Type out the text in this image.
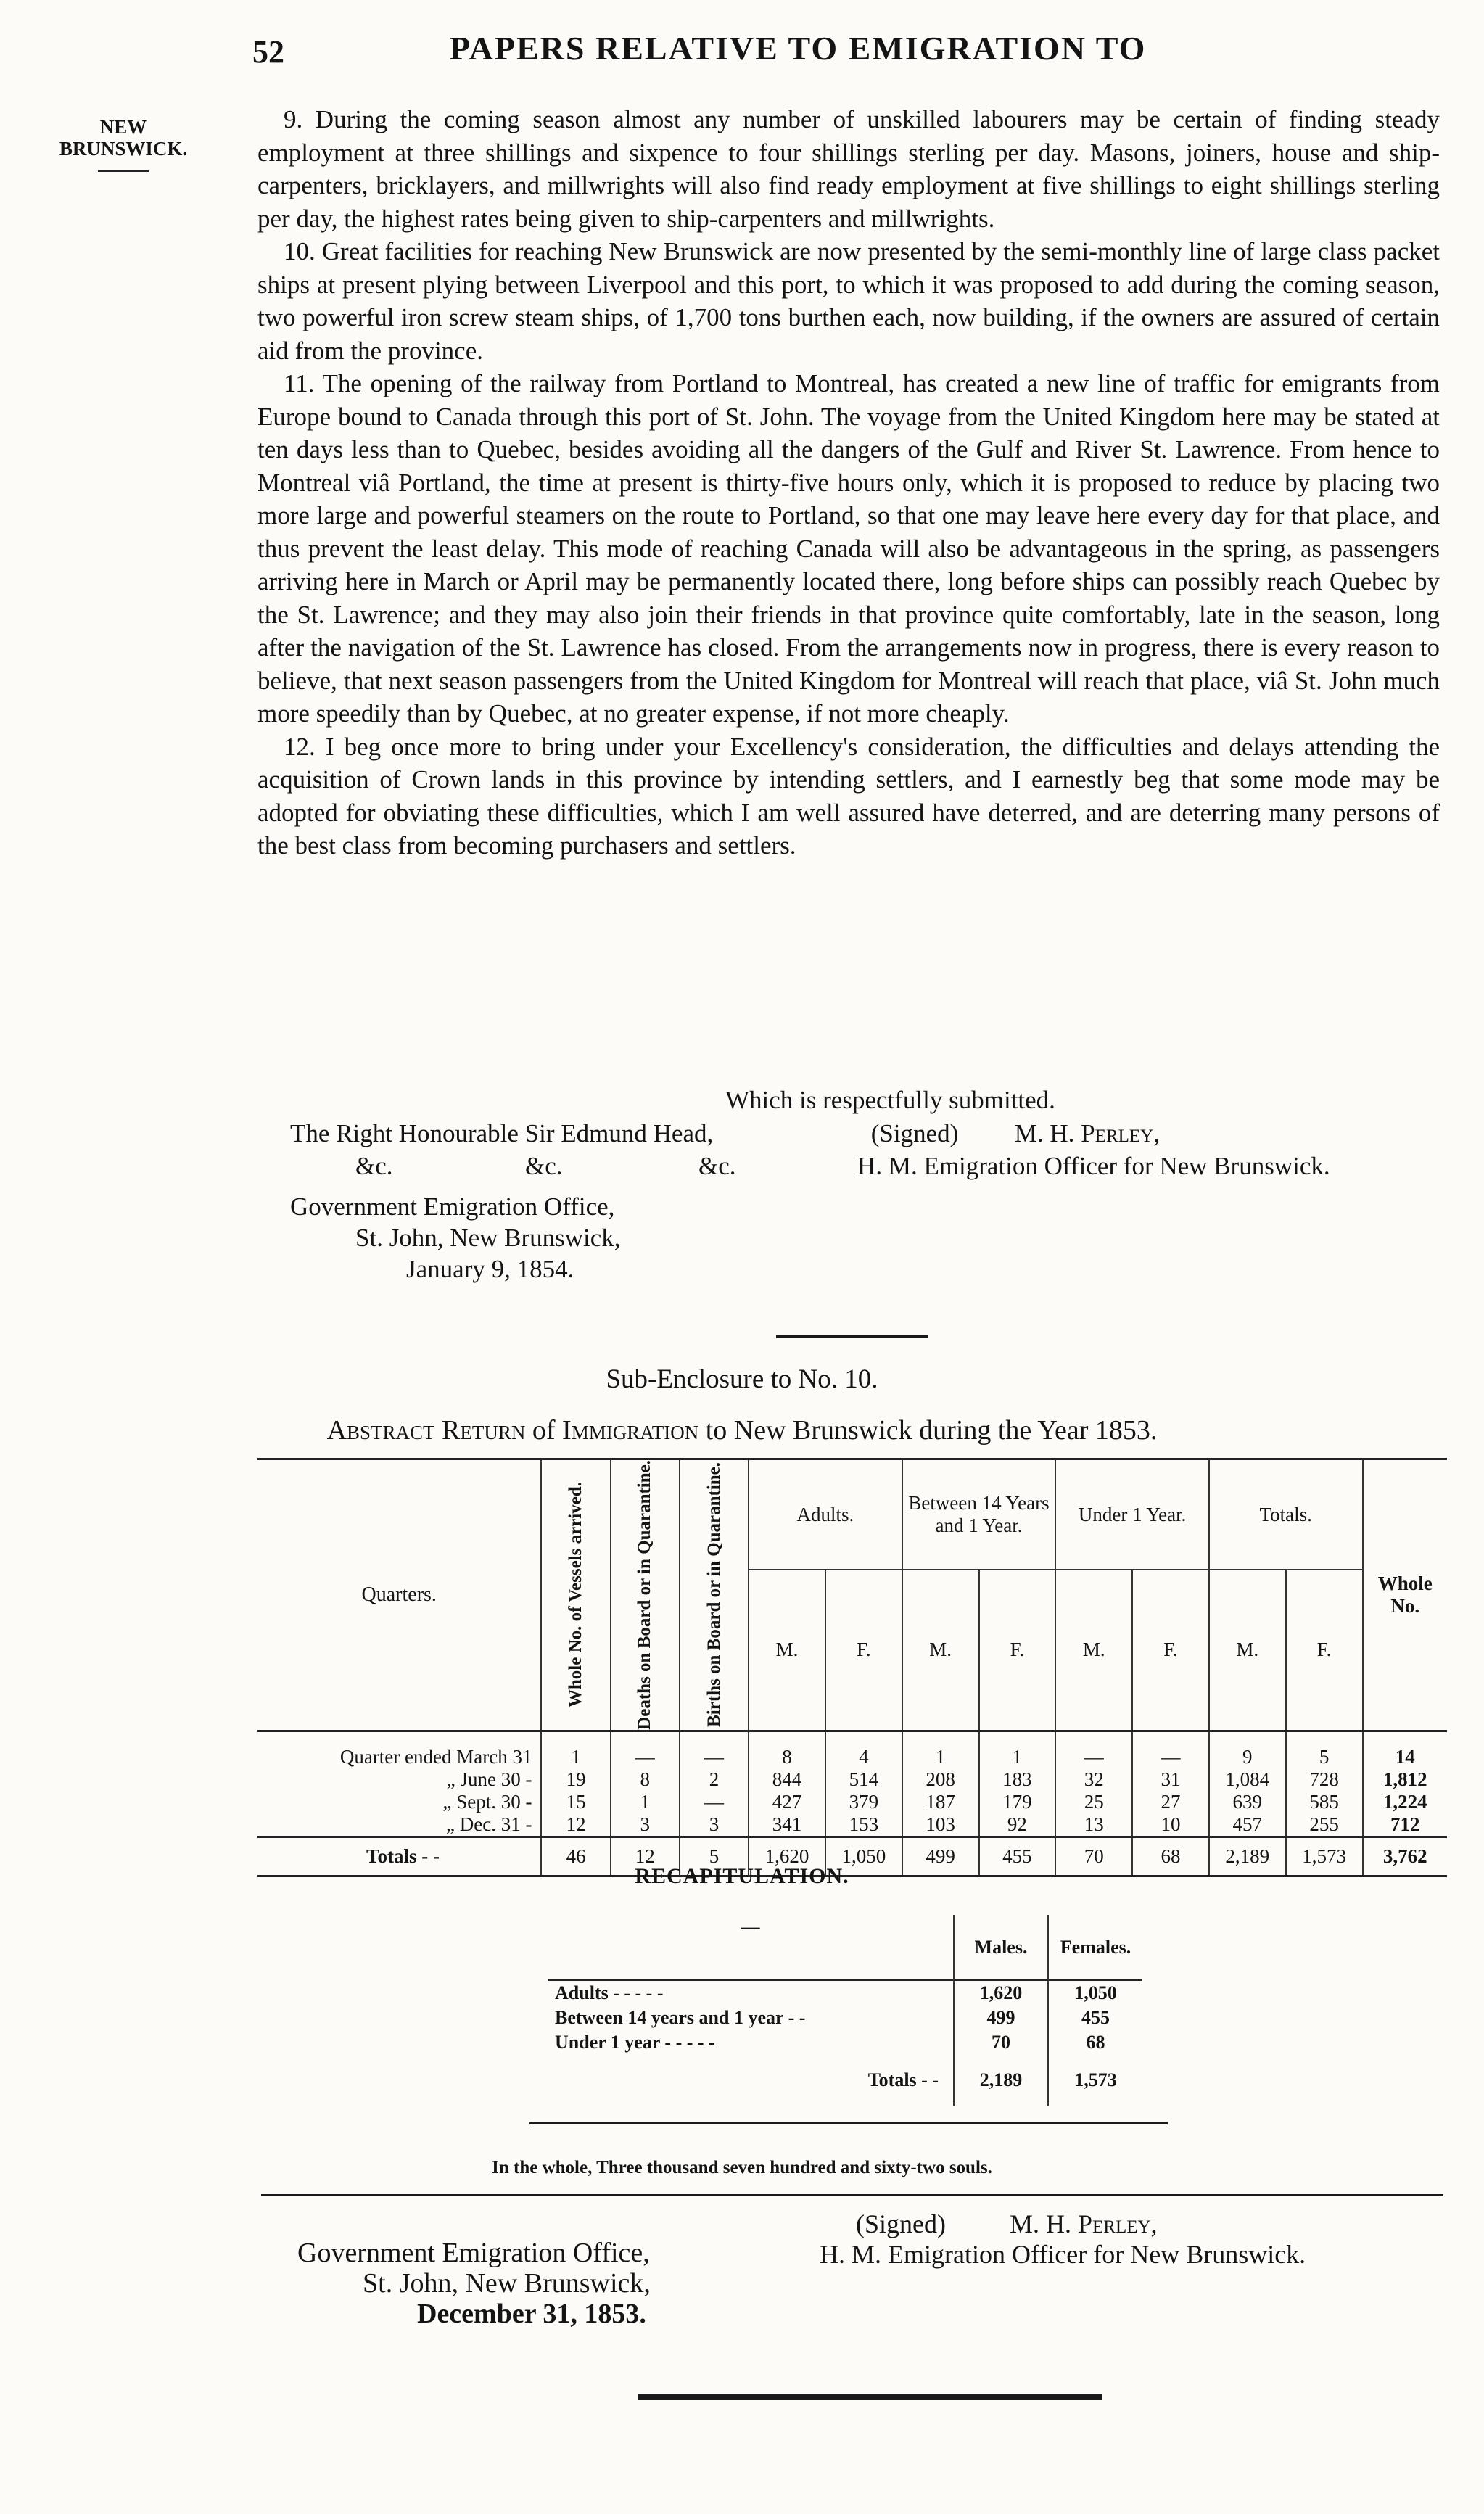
52	PAPERS RELATIVE TO EMIGRATION TO
NEW
BRUNSWICK.

9. During the coming season almost any number of unskilled labourers may be certain of finding steady employment at three shillings and sixpence to four shillings sterling per day. Masons, joiners, house and ship-carpenters, bricklayers, and millwrights will also find ready employment at five shillings to eight shillings sterling per day, the highest rates being given to ship-carpenters and millwrights.

10. Great facilities for reaching New Brunswick are now presented by the semi-monthly line of large class packet ships at present plying between Liverpool and this port, to which it was proposed to add during the coming season, two powerful iron screw steam ships, of 1,700 tons burthen each, now building, if the owners are assured of certain aid from the province.

11. The opening of the railway from Portland to Montreal, has created a new line of traffic for emigrants from Europe bound to Canada through this port of St. John. The voyage from the United Kingdom here may be stated at ten days less than to Quebec, besides avoiding all the dangers of the Gulf and River St. Lawrence. From hence to Montreal viâ Portland, the time at present is thirty-five hours only, which it is proposed to reduce by placing two more large and powerful steamers on the route to Portland, so that one may leave here every day for that place, and thus prevent the least delay. This mode of reaching Canada will also be advantageous in the spring, as passengers arriving here in March or April may be permanently located there, long before ships can possibly reach Quebec by the St. Lawrence; and they may also join their friends in that province quite comfortably, late in the season, long after the navigation of the St. Lawrence has closed. From the arrangements now in progress, there is every reason to believe, that next season passengers from the United Kingdom for Montreal will reach that place, viâ St. John much more speedily than by Quebec, at no greater expense, if not more cheaply.

12. I beg once more to bring under your Excellency's consideration, the difficulties and delays attending the acquisition of Crown lands in this province by intending settlers, and I earnestly beg that some mode may be adopted for obviating these difficulties, which I am well assured have deterred, and are deterring many persons of the best class from becoming purchasers and settlers.

Which is respectfully submitted.
The Right Honourable Sir Edmund Head,	(Signed) M. H. Perley,
&c.	&c.	&c.	H. M. Emigration Officer for New Brunswick.
Government Emigration Office,
St. John, New Brunswick,
January 9, 1854.
Sub-Enclosure to No. 10.
Abstract Return of Immigration to New Brunswick during the Year 1853.
Quarters.	Whole No. of Vessels arrived.	Deaths on Board or in Quarantine.	Births on Board or in Quarantine.	Adults.		Between 14 Years and 1 Year.		Under 1 Year.		Totals.		Whole No.
				M.	F.	M.	F.	M.	F.	M.	F.	
Quarter ended March 31	1	—	—	8	4	1	1	—	—	9	5	14
„ June 30 -	19	8	2	844	514	208	183	32	31	1,084	728	1,812
„ Sept. 30 -	15	1	—	427	379	187	179	25	27	639	585	1,224
„ Dec. 31 -	12	3	3	341	153	103	92	13	10	457	255	712
Totals - -	46	12	5	1,620	1,050	499	455	70	68	2,189	1,573	3,762
RECAPITULATION.
—	Males.	Females.
Adults - - - - -	1,620	1,050
Between 14 years and 1 year - -	499	455
Under 1 year - - - - -	70	68
Totals - -	2,189	1,573
In the whole, Three thousand seven hundred and sixty-two souls.
(Signed) M. H. Perley,
H. M. Emigration Officer for New Brunswick.
Government Emigration Office,
St. John, New Brunswick,
December 31, 1853.
